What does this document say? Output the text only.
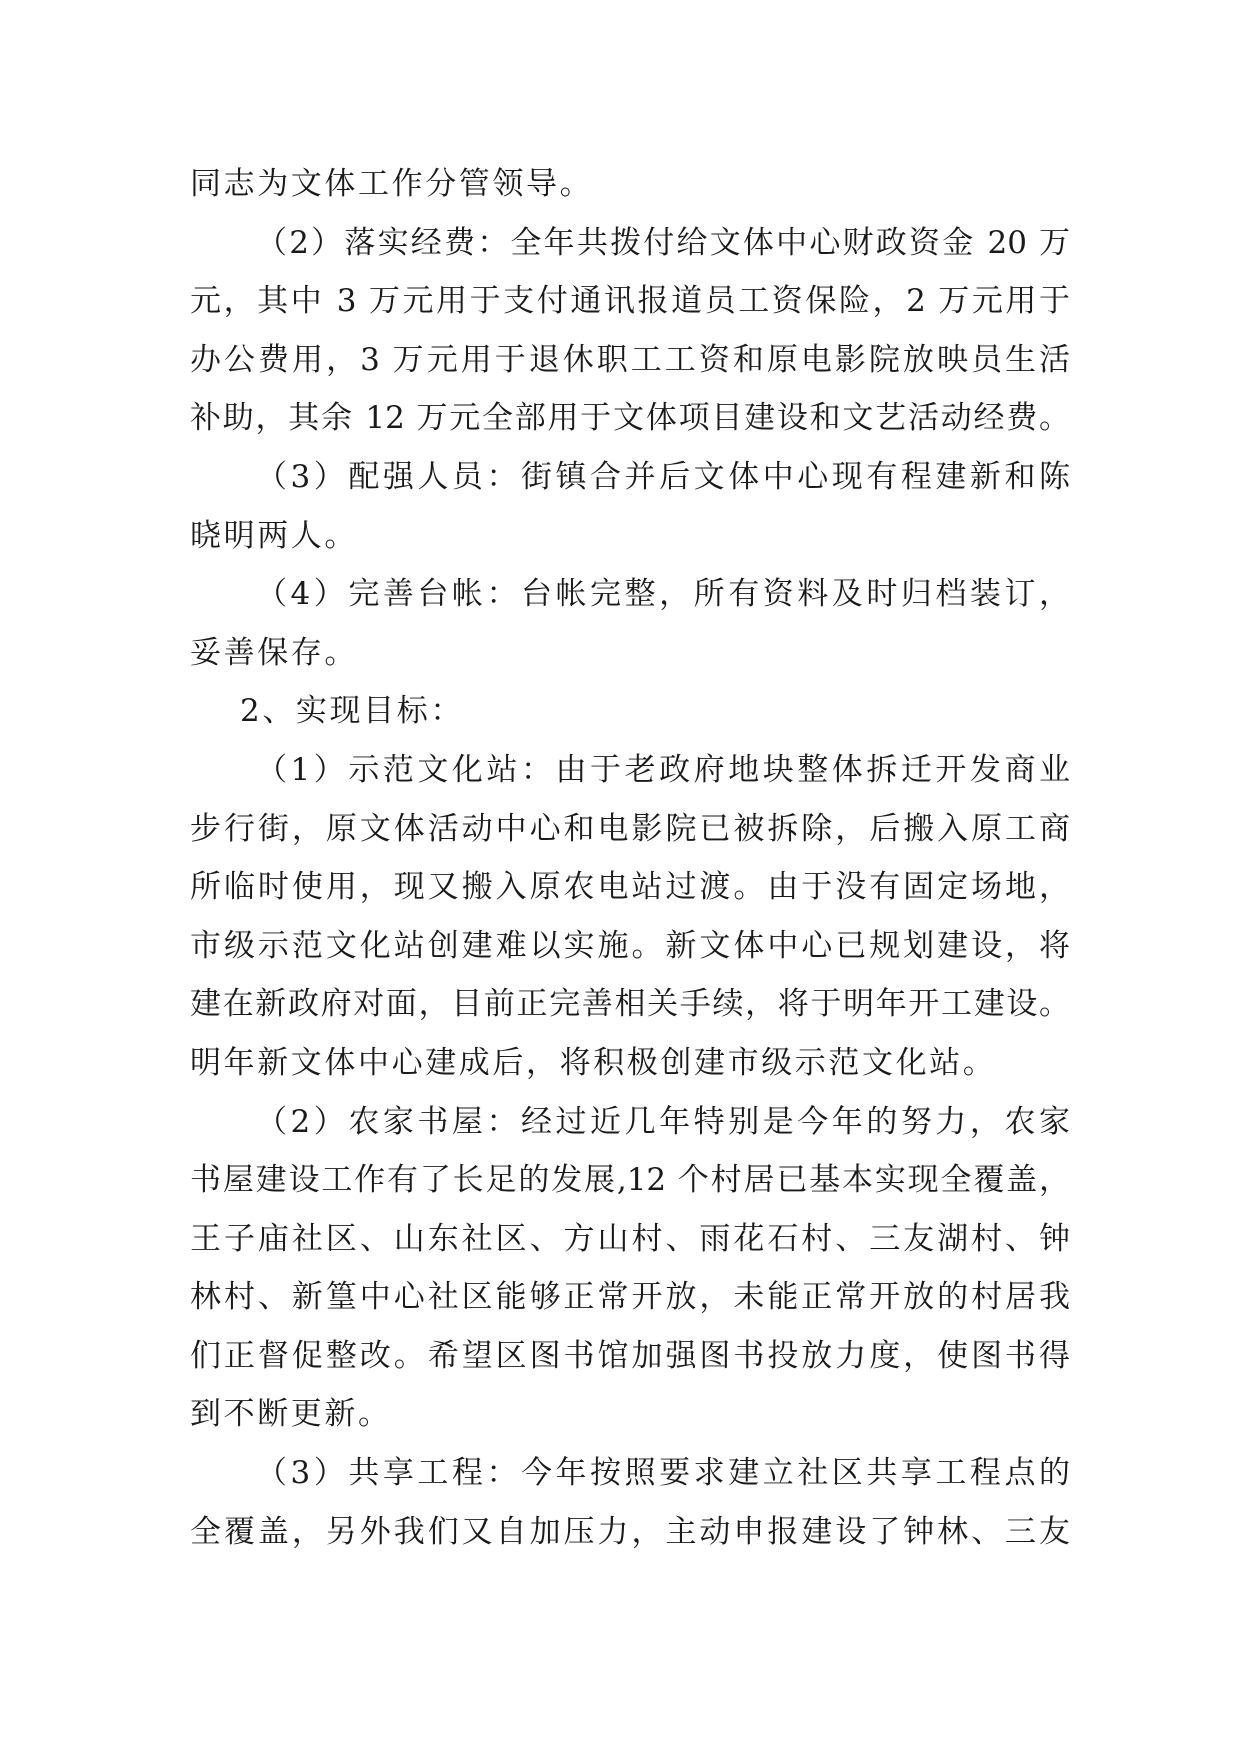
同志为文体工作分管领导。
（2）落实经费：全年共拨付给文体中心财政资金 20 万
元，其中 3 万元用于支付通讯报道员工资保险，2 万元用于
办公费用，3 万元用于退休职工工资和原电影院放映员生活
补助，其余 12 万元全部用于文体项目建设和文艺活动经费。
（3）配强人员：街镇合并后文体中心现有程建新和陈
晓明两人。
（4）完善台帐：台帐完整，所有资料及时归档装订，
妥善保存。
2、实现目标：
（1）示范文化站：由于老政府地块整体拆迁开发商业
步行街，原文体活动中心和电影院已被拆除，后搬入原工商
所临时使用，现又搬入原农电站过渡。由于没有固定场地，
市级示范文化站创建难以实施。新文体中心已规划建设，将
建在新政府对面，目前正完善相关手续，将于明年开工建设。
明年新文体中心建成后，将积极创建市级示范文化站。
（2）农家书屋：经过近几年特别是今年的努力，农家
书屋建设工作有了长足的发展,12 个村居已基本实现全覆盖，
王子庙社区、山东社区、方山村、雨花石村、三友湖村、钟
林村、新篁中心社区能够正常开放，未能正常开放的村居我
们正督促整改。希望区图书馆加强图书投放力度，使图书得
到不断更新。
（3）共享工程：今年按照要求建立社区共享工程点的
全覆盖，另外我们又自加压力，主动申报建设了钟林、三友
